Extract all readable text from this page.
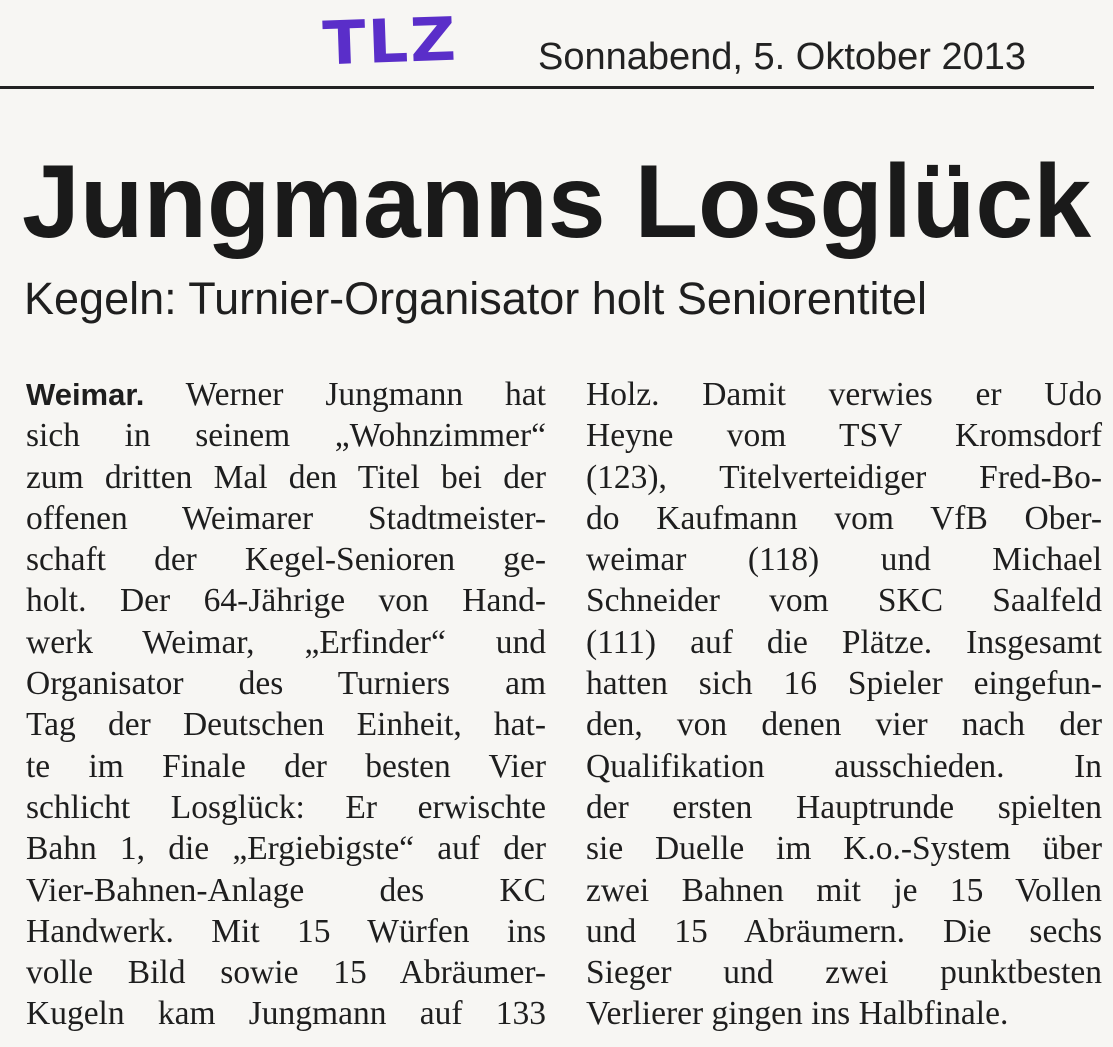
TLZ Sonnabend, 5. Oktober 2013
Jungmanns Losglück
Kegeln: Turnier-Organisator holt Seniorentitel
Weimar. Werner Jungmann hat
sich in seinem „Wohnzimmer“
zum dritten Mal den Titel bei der
offenen Weimarer Stadtmeister-
schaft der Kegel-Senioren ge-
holt. Der 64-Jährige von Hand-
werk Weimar, „Erfinder“ und
Organisator des Turniers am
Tag der Deutschen Einheit, hat-
te im Finale der besten Vier
schlicht Losglück: Er erwischte
Bahn 1, die „Ergiebigste“ auf der
Vier-Bahnen-Anlage des KC
Handwerk. Mit 15 Würfen ins
volle Bild sowie 15 Abräumer-
Kugeln kam Jungmann auf 133
Holz. Damit verwies er Udo
Heyne vom TSV Kromsdorf
(123), Titelverteidiger Fred-Bo-
do Kaufmann vom VfB Ober-
weimar (118) und Michael
Schneider vom SKC Saalfeld
(111) auf die Plätze. Insgesamt
hatten sich 16 Spieler eingefun-
den, von denen vier nach der
Qualifikation ausschieden. In
der ersten Hauptrunde spielten
sie Duelle im K.o.-System über
zwei Bahnen mit je 15 Vollen
und 15 Abräumern. Die sechs
Sieger und zwei punktbesten
Verlierer gingen ins Halbfinale.
